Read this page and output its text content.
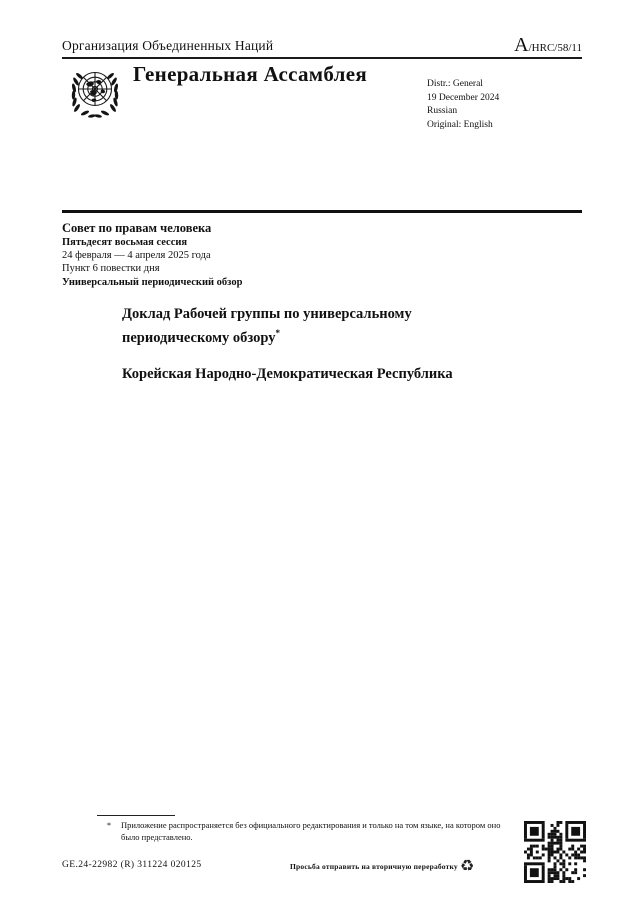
Организация Объединенных Наций	A/HRC/58/11
Генеральная Ассамблея	Distr.: General
19 December 2024
Russian
Original: English
Совет по правам человека
Пятьдесят восьмая сессия
24 февраля — 4 апреля 2025 года
Пункт 6 повестки дня
Универсальный периодический обзор
Доклад Рабочей группы по универсальному периодическому обзору*
Корейская Народно-Демократическая Республика
*	Приложение распространяется без официального редактирования и только на том языке, на котором оно было представлено.
GE.24-22982 (R) 311224 020125	Просьба отправить на вторичную переработку ♻
